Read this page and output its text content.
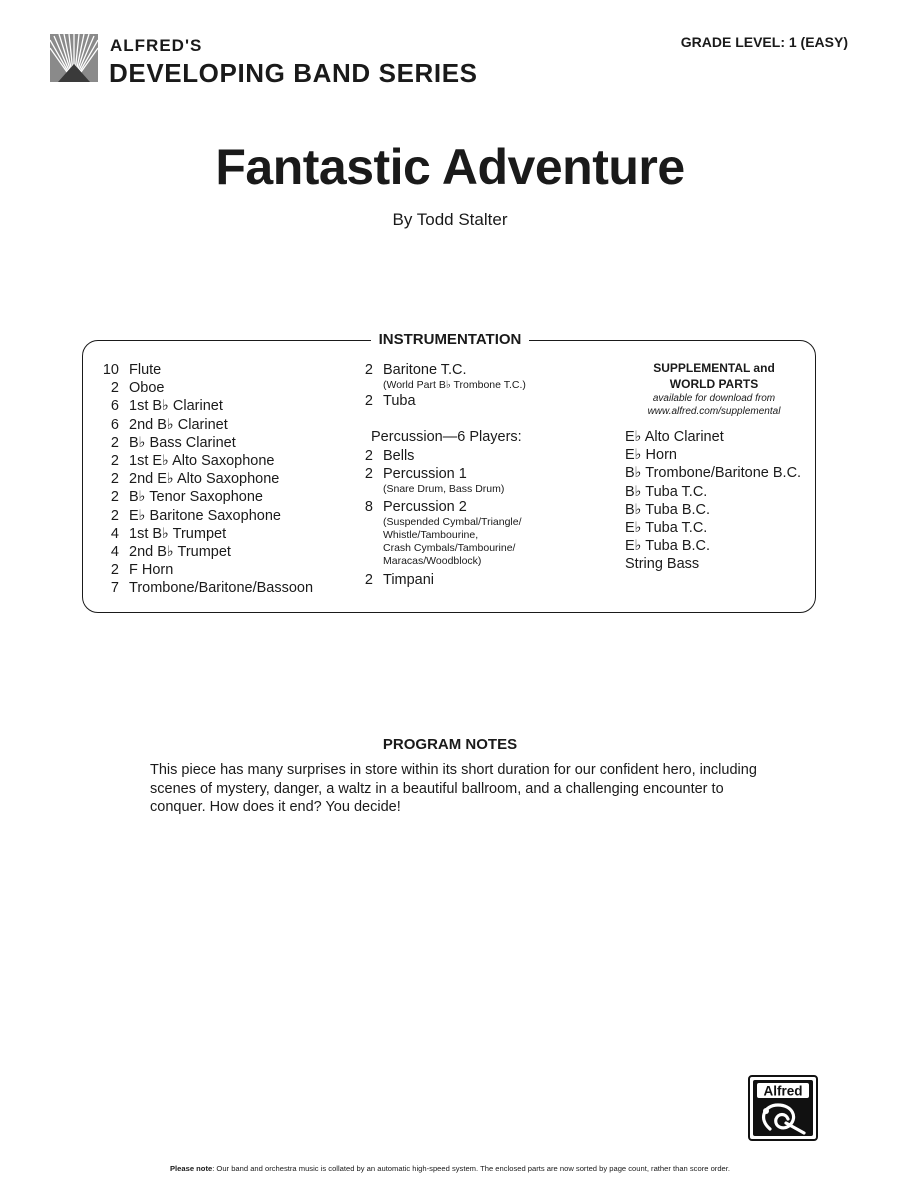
ALFRED'S
DEVELOPING BAND SERIES
GRADE LEVEL: 1 (EASY)
Fantastic Adventure
By Todd Stalter
INSTRUMENTATION
10 Flute
2 Oboe
6 1st B♭ Clarinet
6 2nd B♭ Clarinet
2 B♭ Bass Clarinet
2 1st E♭ Alto Saxophone
2 2nd E♭ Alto Saxophone
2 B♭ Tenor Saxophone
2 E♭ Baritone Saxophone
4 1st B♭ Trumpet
4 2nd B♭ Trumpet
2 F Horn
7 Trombone/Baritone/Bassoon
2 Baritone T.C.
(World Part B♭ Trombone T.C.)
2 Tuba
Percussion—6 Players:
2 Bells
2 Percussion 1
(Snare Drum, Bass Drum)
8 Percussion 2
(Suspended Cymbal/Triangle/
Whistle/Tambourine,
Crash Cymbals/Tambourine/
Maracas/Woodblock)
2 Timpani
SUPPLEMENTAL and
WORLD PARTS
available for download from
www.alfred.com/supplemental
E♭ Alto Clarinet
E♭ Horn
B♭ Trombone/Baritone B.C.
B♭ Tuba T.C.
B♭ Tuba B.C.
E♭ Tuba T.C.
E♭ Tuba B.C.
String Bass
PROGRAM NOTES
This piece has many surprises in store within its short duration for our confident hero, including scenes of mystery, danger, a waltz in a beautiful ballroom, and a challenging encounter to conquer. How does it end? You decide!
Alfred
Please note: Our band and orchestra music is collated by an automatic high-speed system. The enclosed parts are now sorted by page count, rather than score order.
